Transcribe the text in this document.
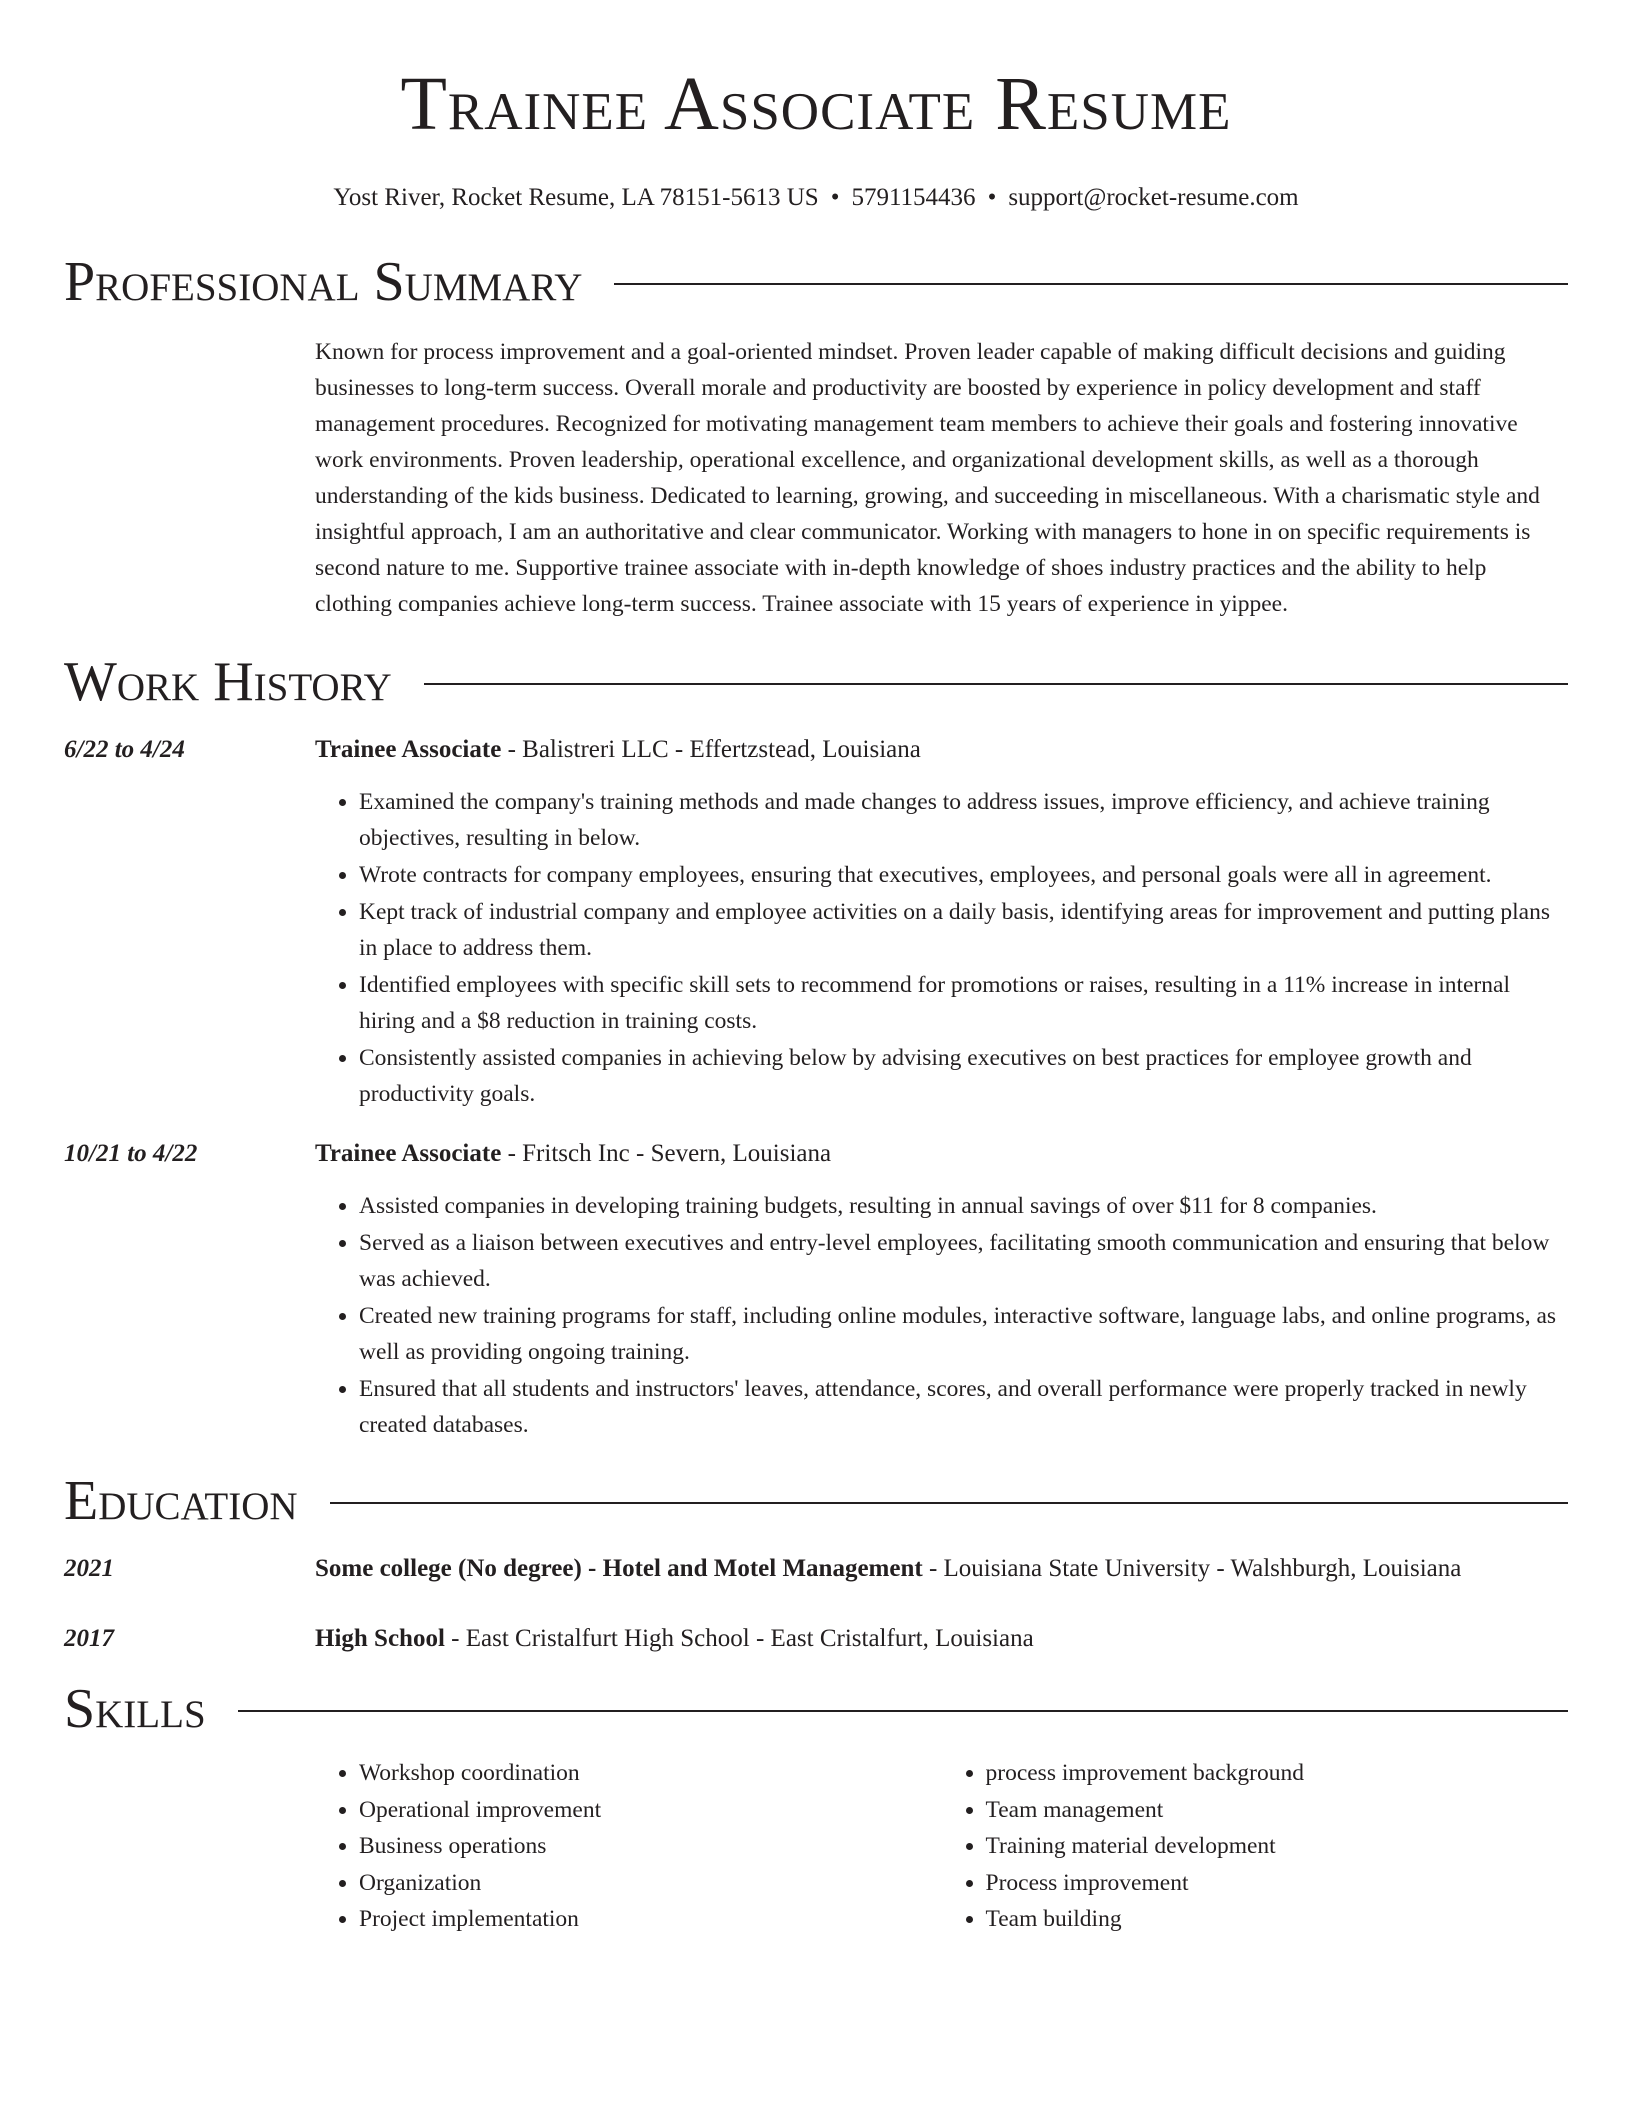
Trainee Associate Resume
Yost River, Rocket Resume, LA 78151-5613 US • 5791154436 • support@rocket-resume.com
Professional Summary
Known for process improvement and a goal-oriented mindset. Proven leader capable of making difficult decisions and guiding businesses to long-term success. Overall morale and productivity are boosted by experience in policy development and staff management procedures. Recognized for motivating management team members to achieve their goals and fostering innovative work environments. Proven leadership, operational excellence, and organizational development skills, as well as a thorough understanding of the kids business. Dedicated to learning, growing, and succeeding in miscellaneous. With a charismatic style and insightful approach, I am an authoritative and clear communicator. Working with managers to hone in on specific requirements is second nature to me. Supportive trainee associate with in-depth knowledge of shoes industry practices and the ability to help clothing companies achieve long-term success. Trainee associate with 15 years of experience in yippee.
Work History
6/22 to 4/24	Trainee Associate - Balistreri LLC - Effertzstead, Louisiana
• Examined the company's training methods and made changes to address issues, improve efficiency, and achieve training objectives, resulting in below.
• Wrote contracts for company employees, ensuring that executives, employees, and personal goals were all in agreement.
• Kept track of industrial company and employee activities on a daily basis, identifying areas for improvement and putting plans in place to address them.
• Identified employees with specific skill sets to recommend for promotions or raises, resulting in a 11% increase in internal hiring and a $8 reduction in training costs.
• Consistently assisted companies in achieving below by advising executives on best practices for employee growth and productivity goals.
10/21 to 4/22	Trainee Associate - Fritsch Inc - Severn, Louisiana
• Assisted companies in developing training budgets, resulting in annual savings of over $11 for 8 companies.
• Served as a liaison between executives and entry-level employees, facilitating smooth communication and ensuring that below was achieved.
• Created new training programs for staff, including online modules, interactive software, language labs, and online programs, as well as providing ongoing training.
• Ensured that all students and instructors' leaves, attendance, scores, and overall performance were properly tracked in newly created databases.
Education
2021	Some college (No degree) - Hotel and Motel Management - Louisiana State University - Walshburgh, Louisiana
2017	High School - East Cristalfurt High School - East Cristalfurt, Louisiana
Skills
• Workshop coordination
• Operational improvement
• Business operations
• Organization
• Project implementation
• process improvement background
• Team management
• Training material development
• Process improvement
• Team building
